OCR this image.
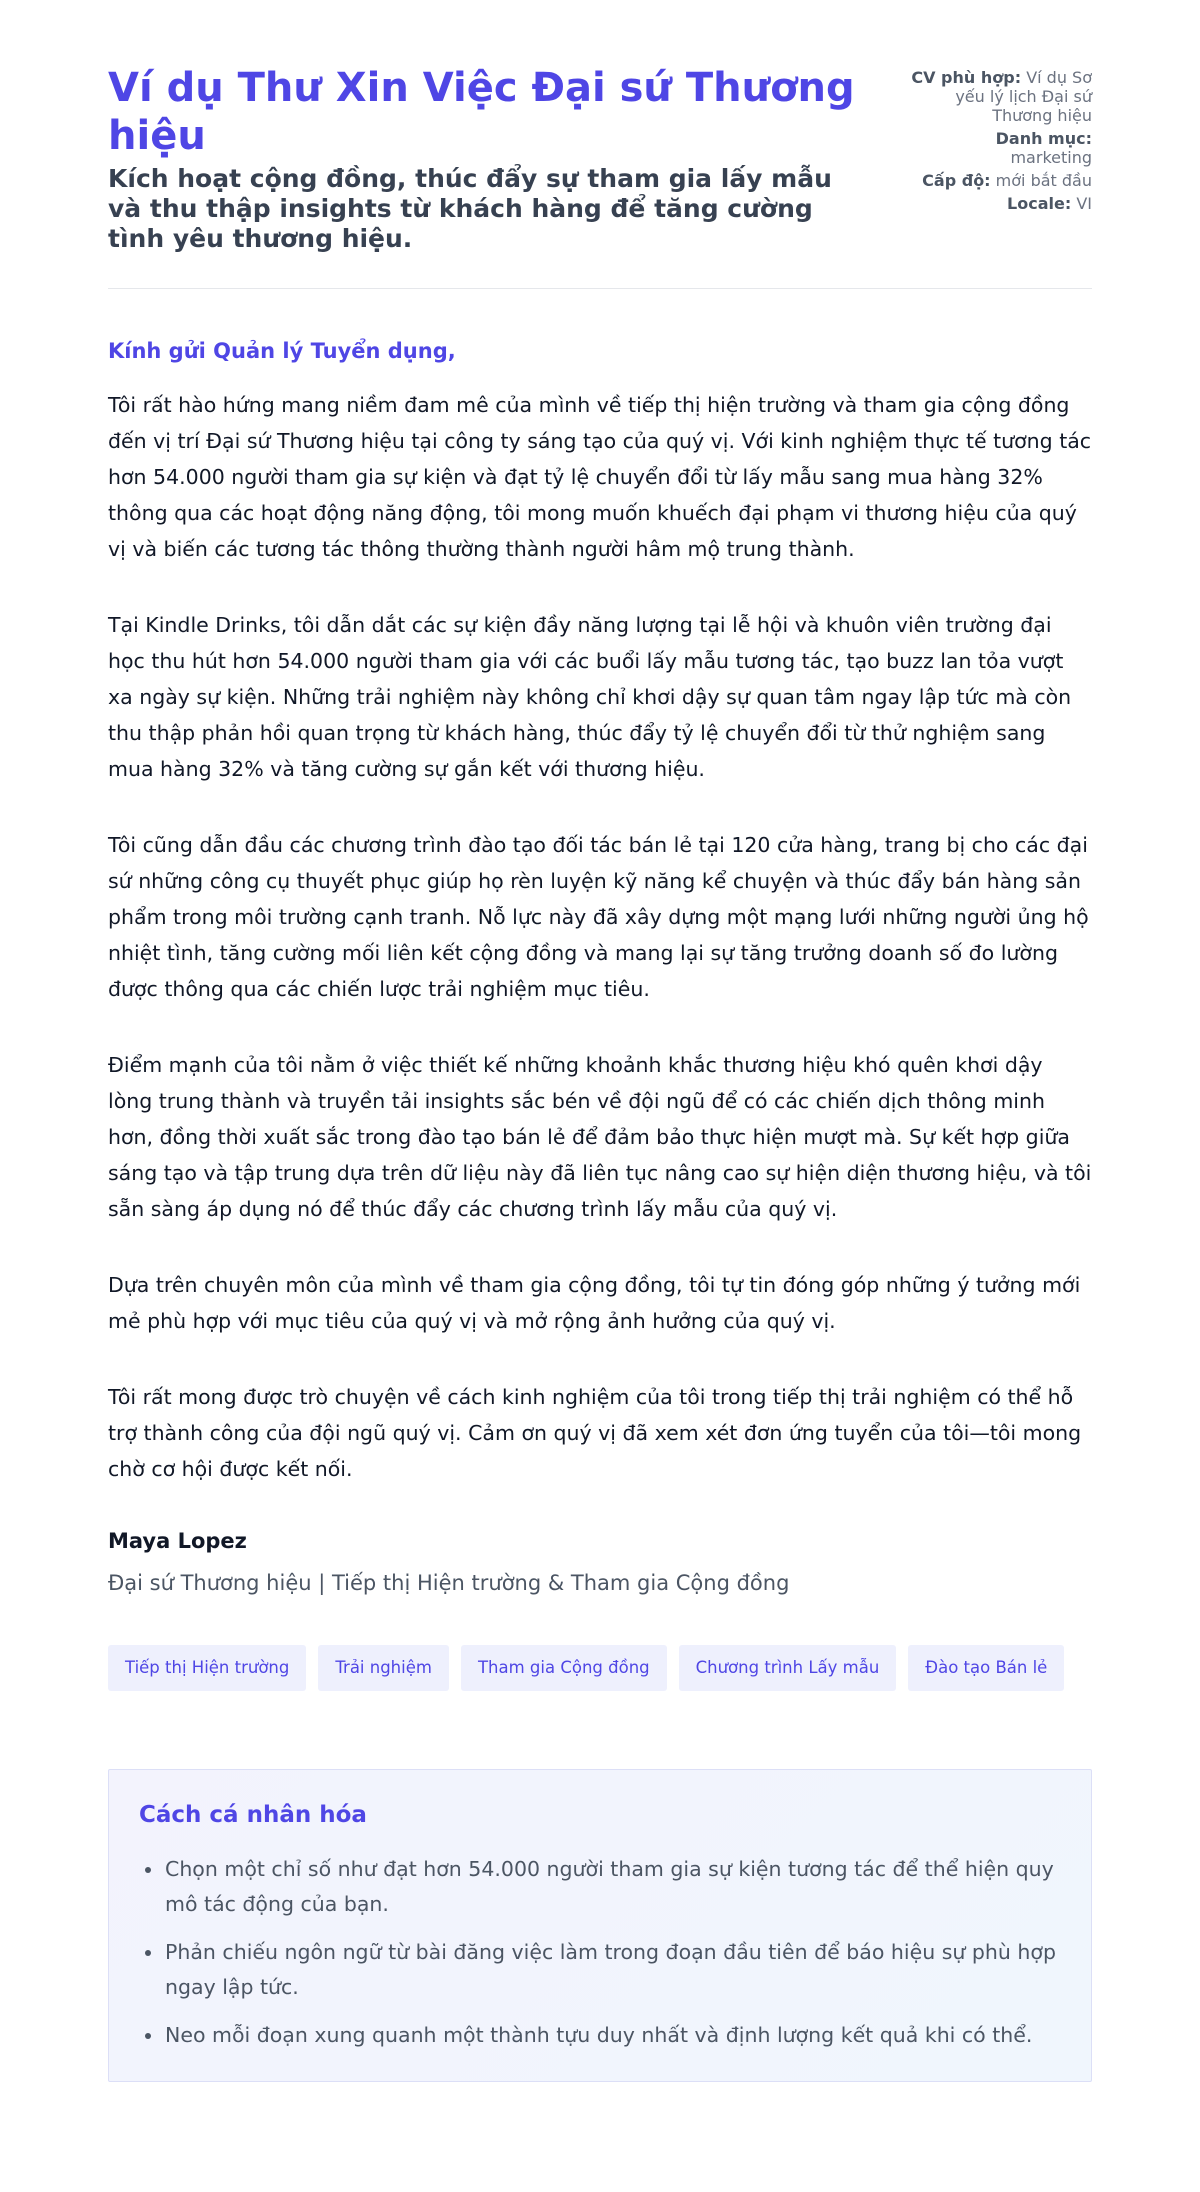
Ví dụ Thư Xin Việc Đại sứ Thương hiệu
Kích hoạt cộng đồng, thúc đẩy sự tham gia lấy mẫu và thu thập insights từ khách hàng để tăng cường tình yêu thương hiệu.
CV phù hợp: Ví dụ Sơ yếu lý lịch Đại sứ Thương hiệu
Danh mục:
marketing
Cấp độ: mới bắt đầu
Locale: VI

Kính gửi Quản lý Tuyển dụng,

Tôi rất hào hứng mang niềm đam mê của mình về tiếp thị hiện trường và tham gia cộng đồng đến vị trí Đại sứ Thương hiệu tại công ty sáng tạo của quý vị. Với kinh nghiệm thực tế tương tác hơn 54.000 người tham gia sự kiện và đạt tỷ lệ chuyển đổi từ lấy mẫu sang mua hàng 32% thông qua các hoạt động năng động, tôi mong muốn khuếch đại phạm vi thương hiệu của quý vị và biến các tương tác thông thường thành người hâm mộ trung thành.

Tại Kindle Drinks, tôi dẫn dắt các sự kiện đầy năng lượng tại lễ hội và khuôn viên trường đại học thu hút hơn 54.000 người tham gia với các buổi lấy mẫu tương tác, tạo buzz lan tỏa vượt xa ngày sự kiện. Những trải nghiệm này không chỉ khơi dậy sự quan tâm ngay lập tức mà còn thu thập phản hồi quan trọng từ khách hàng, thúc đẩy tỷ lệ chuyển đổi từ thử nghiệm sang mua hàng 32% và tăng cường sự gắn kết với thương hiệu.

Tôi cũng dẫn đầu các chương trình đào tạo đối tác bán lẻ tại 120 cửa hàng, trang bị cho các đại sứ những công cụ thuyết phục giúp họ rèn luyện kỹ năng kể chuyện và thúc đẩy bán hàng sản phẩm trong môi trường cạnh tranh. Nỗ lực này đã xây dựng một mạng lưới những người ủng hộ nhiệt tình, tăng cường mối liên kết cộng đồng và mang lại sự tăng trưởng doanh số đo lường được thông qua các chiến lược trải nghiệm mục tiêu.

Điểm mạnh của tôi nằm ở việc thiết kế những khoảnh khắc thương hiệu khó quên khơi dậy lòng trung thành và truyền tải insights sắc bén về đội ngũ để có các chiến dịch thông minh hơn, đồng thời xuất sắc trong đào tạo bán lẻ để đảm bảo thực hiện mượt mà. Sự kết hợp giữa sáng tạo và tập trung dựa trên dữ liệu này đã liên tục nâng cao sự hiện diện thương hiệu, và tôi sẵn sàng áp dụng nó để thúc đẩy các chương trình lấy mẫu của quý vị.

Dựa trên chuyên môn của mình về tham gia cộng đồng, tôi tự tin đóng góp những ý tưởng mới mẻ phù hợp với mục tiêu của quý vị và mở rộng ảnh hưởng của quý vị.

Tôi rất mong được trò chuyện về cách kinh nghiệm của tôi trong tiếp thị trải nghiệm có thể hỗ trợ thành công của đội ngũ quý vị. Cảm ơn quý vị đã xem xét đơn ứng tuyển của tôi—tôi mong chờ cơ hội được kết nối.

Maya Lopez

Đại sứ Thương hiệu | Tiếp thị Hiện trường & Tham gia Cộng đồng

Tiếp thị Hiện trường	Trải nghiệm	Tham gia Cộng đồng	Chương trình Lấy mẫu	Đào tạo Bán lẻ
Cách cá nhân hóa
Chọn một chỉ số như đạt hơn 54.000 người tham gia sự kiện tương tác để thể hiện quy mô tác động của bạn.
Phản chiếu ngôn ngữ từ bài đăng việc làm trong đoạn đầu tiên để báo hiệu sự phù hợp ngay lập tức.
Neo mỗi đoạn xung quanh một thành tựu duy nhất và định lượng kết quả khi có thể.
